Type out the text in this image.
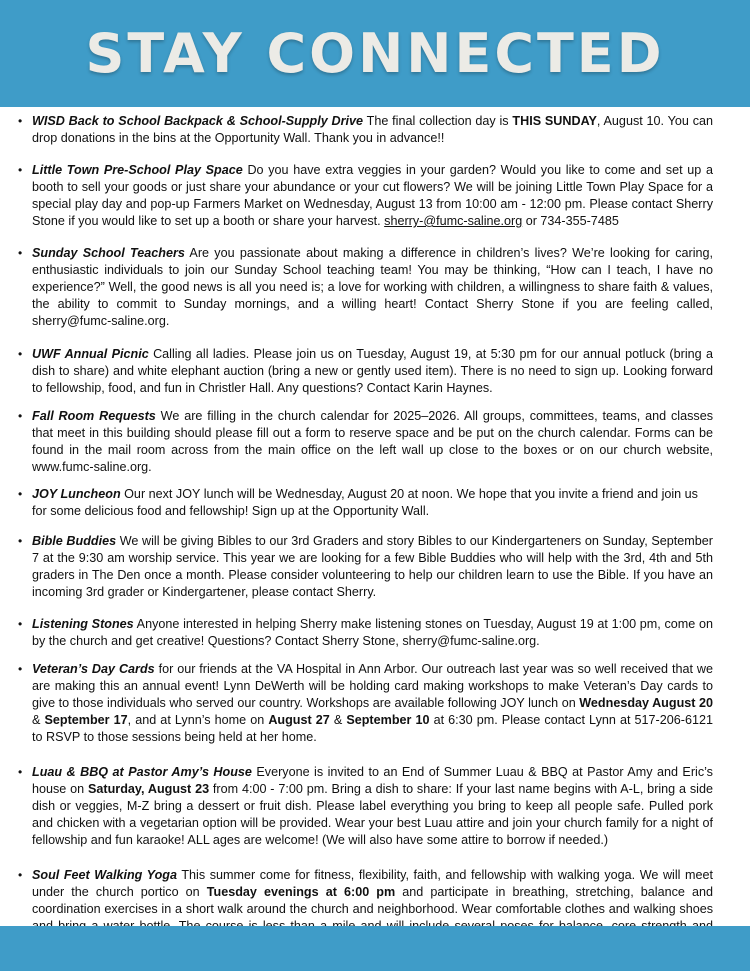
STAY CONNECTED
• WISD Back to School Backpack & School-Supply Drive The final collection day is THIS SUNDAY, August 10. You can drop donations in the bins at the Opportunity Wall. Thank you in advance!!
• Little Town Pre-School Play Space Do you have extra veggies in your garden? Would you like to come and set up a booth to sell your goods or just share your abundance or your cut flowers? We will be joining Little Town Play Space for a special play day and pop-up Farmers Market on Wednesday, August 13 from 10:00 am - 12:00 pm. Please contact Sherry Stone if you would like to set up a booth or share your harvest. sherry-@fumc-saline.org or 734-355-7485
• Sunday School Teachers Are you passionate about making a difference in children’s lives? We’re looking for caring, enthusiastic individuals to join our Sunday School teaching team! You may be thinking, “How can I teach, I have no experience?” Well, the good news is all you need is; a love for working with children, a willingness to share faith & values, the ability to commit to Sunday mornings, and a willing heart! Contact Sherry Stone if you are feeling called, sherry@fumc-saline.org.
• UWF Annual Picnic Calling all ladies. Please join us on Tuesday, August 19, at 5:30 pm for our annual potluck (bring a dish to share) and white elephant auction (bring a new or gently used item). There is no need to sign up. Looking forward to fellowship, food, and fun in Christler Hall. Any questions? Contact Karin Haynes.
• Fall Room Requests We are filling in the church calendar for 2025–2026. All groups, committees, teams, and classes that meet in this building should please fill out a form to reserve space and be put on the church calendar. Forms can be found in the mail room across from the main office on the left wall up close to the boxes or on our church website, www.fumc-saline.org.
• JOY Luncheon Our next JOY lunch will be Wednesday, August 20 at noon. We hope that you invite a friend and join us for some delicious food and fellowship! Sign up at the Opportunity Wall.
• Bible Buddies We will be giving Bibles to our 3rd Graders and story Bibles to our Kindergarteners on Sunday, September 7 at the 9:30 am worship service. This year we are looking for a few Bible Buddies who will help with the 3rd, 4th and 5th graders in The Den once a month. Please consider volunteering to help our children learn to use the Bible. If you have an incoming 3rd grader or Kindergartener, please contact Sherry.
• Listening Stones Anyone interested in helping Sherry make listening stones on Tuesday, August 19 at 1:00 pm, come on by the church and get creative! Questions? Contact Sherry Stone, sherry@fumc-saline.org.
• Veteran’s Day Cards for our friends at the VA Hospital in Ann Arbor. Our outreach last year was so well received that we are making this an annual event! Lynn DeWerth will be holding card making workshops to make Veteran’s Day cards to give to those individuals who served our country. Workshops are available following JOY lunch on Wednesday August 20 & September 17, and at Lynn’s home on August 27 & September 10 at 6:30 pm. Please contact Lynn at 517-206-6121 to RSVP to those sessions being held at her home.
• Luau & BBQ at Pastor Amy’s House Everyone is invited to an End of Summer Luau & BBQ at Pastor Amy and Eric’s house on Saturday, August 23 from 4:00 - 7:00 pm. Bring a dish to share: If your last name begins with A-L, bring a side dish or veggies, M-Z bring a dessert or fruit dish. Please label everything you bring to keep all people safe. Pulled pork and chicken with a vegetarian option will be provided. Wear your best Luau attire and join your church family for a night of fellowship and fun karaoke! ALL ages are welcome! (We will also have some attire to borrow if needed.)
• Soul Feet Walking Yoga This summer come for fitness, flexibility, faith, and fellowship with walking yoga. We will meet under the church portico on Tuesday evenings at 6:00 pm and participate in breathing, stretching, balance and coordination exercises in a short walk around the church and neighborhood. Wear comfortable clothes and walking shoes
